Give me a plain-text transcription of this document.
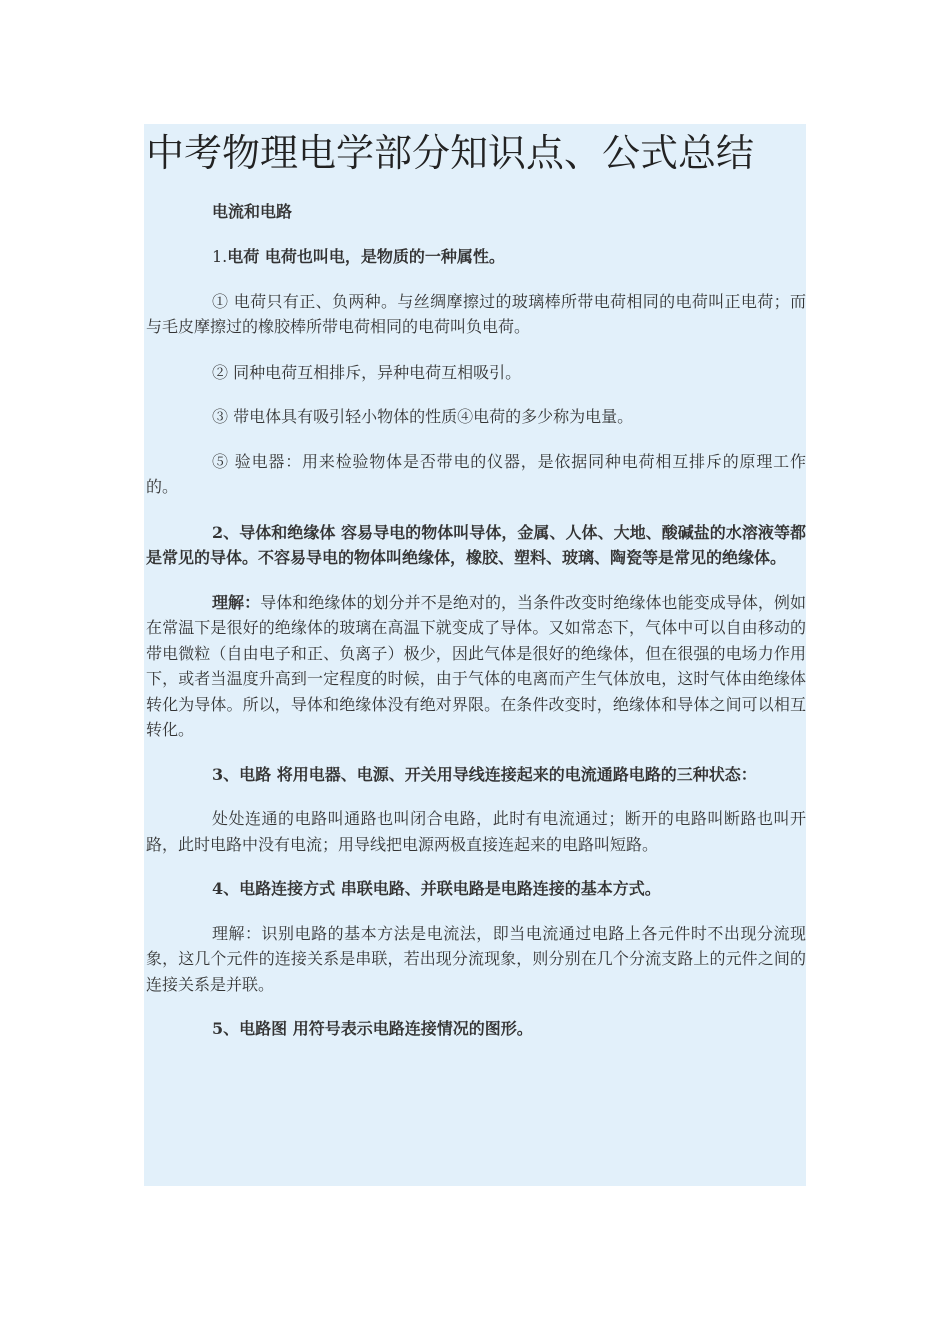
中考物理电学部分知识点、公式总结
电流和电路

1.电荷 电荷也叫电，是物质的一种属性。

① 电荷只有正、负两种。与丝绸摩擦过的玻璃棒所带电荷相同的电荷叫正电荷；而与毛皮摩擦过的橡胶棒所带电荷相同的电荷叫负电荷。

② 同种电荷互相排斥，异种电荷互相吸引。

③ 带电体具有吸引轻小物体的性质④电荷的多少称为电量。

⑤ 验电器：用来检验物体是否带电的仪器，是依据同种电荷相互排斥的原理工作的。

2、导体和绝缘体 容易导电的物体叫导体，金属、人体、大地、酸碱盐的水溶液等都是常见的导体。不容易导电的物体叫绝缘体，橡胶、塑料、玻璃、陶瓷等是常见的绝缘体。

理解：导体和绝缘体的划分并不是绝对的，当条件改变时绝缘体也能变成导体，例如在常温下是很好的绝缘体的玻璃在高温下就变成了导体。又如常态下，气体中可以自由移动的带电微粒（自由电子和正、负离子）极少，因此气体是很好的绝缘体，但在很强的电场力作用下，或者当温度升高到一定程度的时候，由于气体的电离而产生气体放电，这时气体由绝缘体转化为导体。所以，导体和绝缘体没有绝对界限。在条件改变时，绝缘体和导体之间可以相互转化。

3、电路 将用电器、电源、开关用导线连接起来的电流通路电路的三种状态：

处处连通的电路叫通路也叫闭合电路，此时有电流通过；断开的电路叫断路也叫开路，此时电路中没有电流；用导线把电源两极直接连起来的电路叫短路。

4、电路连接方式 串联电路、并联电路是电路连接的基本方式。

理解：识别电路的基本方法是电流法，即当电流通过电路上各元件时不出现分流现象，这几个元件的连接关系是串联，若出现分流现象，则分别在几个分流支路上的元件之间的连接关系是并联。

5、电路图 用符号表示电路连接情况的图形。
